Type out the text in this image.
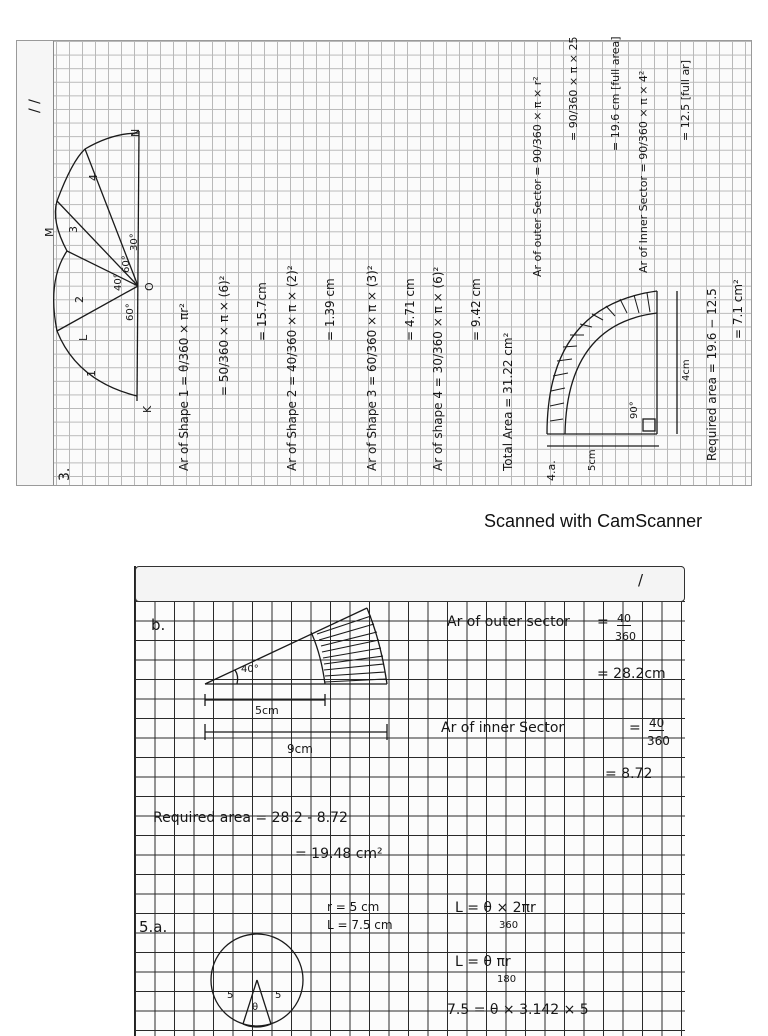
/ /
3.
M
N
K
L
O
1
2
3
4
60°
40°
60°
30°
Ar of Shape 1 = θ/360 × πr² = 50/360 × π × (6)² = 15.7cm Ar of Shape 2 = 40/360 × π × (2)² = 1.39 cm Ar of Shape 3 = 60/360 × π × (3)² = 4.71 cm Ar of shape 4 = 30/360 × π × (6)² = 9.42 cm
Total Area = 31.22 cm²
Ar of outer Sector = 90/360 × π × r² = 90/360 × π × 25	= 19.6 cm [full area] Ar of Inner Sector = 90/360 × π × 4²	= 12.5 [full ar]
4.a.	5cm
4cm
90°	Required area = 19.6 − 12.5 = 7.1 cm²
Scanned with CamScanner
/
b.
40°
5cm
9cm
Ar of outer sector = 40
360
= 28.2cm
Ar of inner Sector	= 40
360
= 8.72
Required area = 28.2 - 8.72
= 19.48 cm²
5.a.
r = 5 cm
L = 7.5 cm
5	5
θ
L = θ × 2πr
360
L = θ πr
180
7.5 = θ × 3.142 × 5
